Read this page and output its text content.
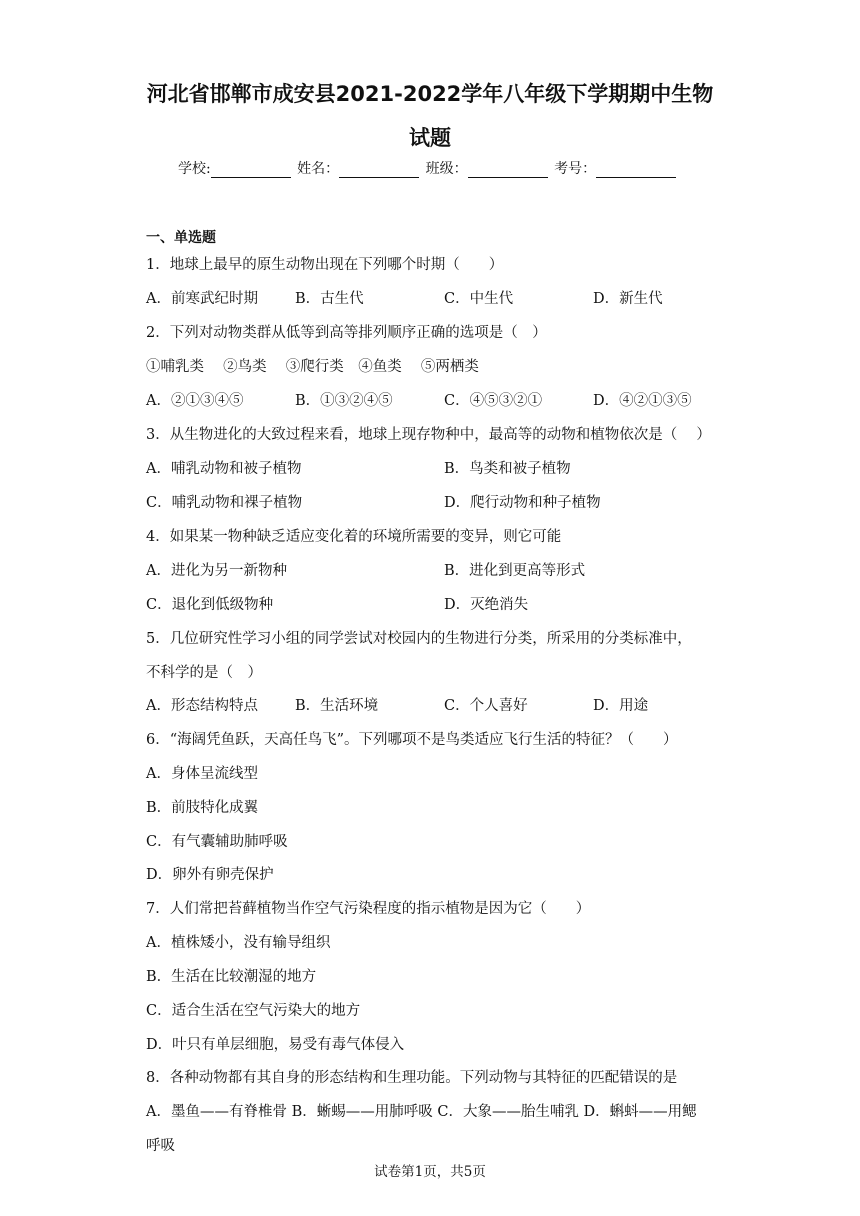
河北省邯郸市成安县2021-2022学年八年级下学期期中生物
试题
学校:	姓名：	班级：	考号：
一、单选题
1．地球上最早的原生动物出现在下列哪个时期（　　）
A．前寒武纪时期	B．古生代	C．中生代	D．新生代
2．下列对动物类群从低等到高等排列顺序正确的选项是（　）
①哺乳类　 ②鸟类　 ③爬行类　④鱼类　 ⑤两栖类
A．②①③④⑤	B．①③②④⑤	C．④⑤③②①	D．④②①③⑤
3．从生物进化的大致过程来看，地球上现存物种中，最高等的动物和植物依次是（　 ）
A．哺乳动物和被子植物	B．鸟类和被子植物
C．哺乳动物和裸子植物	D．爬行动物和种子植物
4．如果某一物种缺乏适应变化着的环境所需要的变异，则它可能
A．进化为另一新物种	B．进化到更高等形式
C．退化到低级物种	D．灭绝消失
5．几位研究性学习小组的同学尝试对校园内的生物进行分类，所采用的分类标准中，
不科学的是（　）
A．形态结构特点	B．生活环境	C．个人喜好	D．用途
6．“海阔凭鱼跃，天高任鸟飞”。下列哪项不是鸟类适应飞行生活的特征？（　　）
A．身体呈流线型
B．前肢特化成翼
C．有气囊辅助肺呼吸
D．卵外有卵壳保护
7．人们常把苔藓植物当作空气污染程度的指示植物是因为它（　　）
A．植株矮小，没有输导组织
B．生活在比较潮湿的地方
C．适合生活在空气污染大的地方
D．叶只有单层细胞，易受有毒气体侵入
8．各种动物都有其自身的形态结构和生理功能。下列动物与其特征的匹配错误的是
A．墨鱼——有脊椎骨 B．蜥蜴——用肺呼吸 C．大象——胎生哺乳 D．蝌蚪——用鳃
呼吸
试卷第1页，共5页
